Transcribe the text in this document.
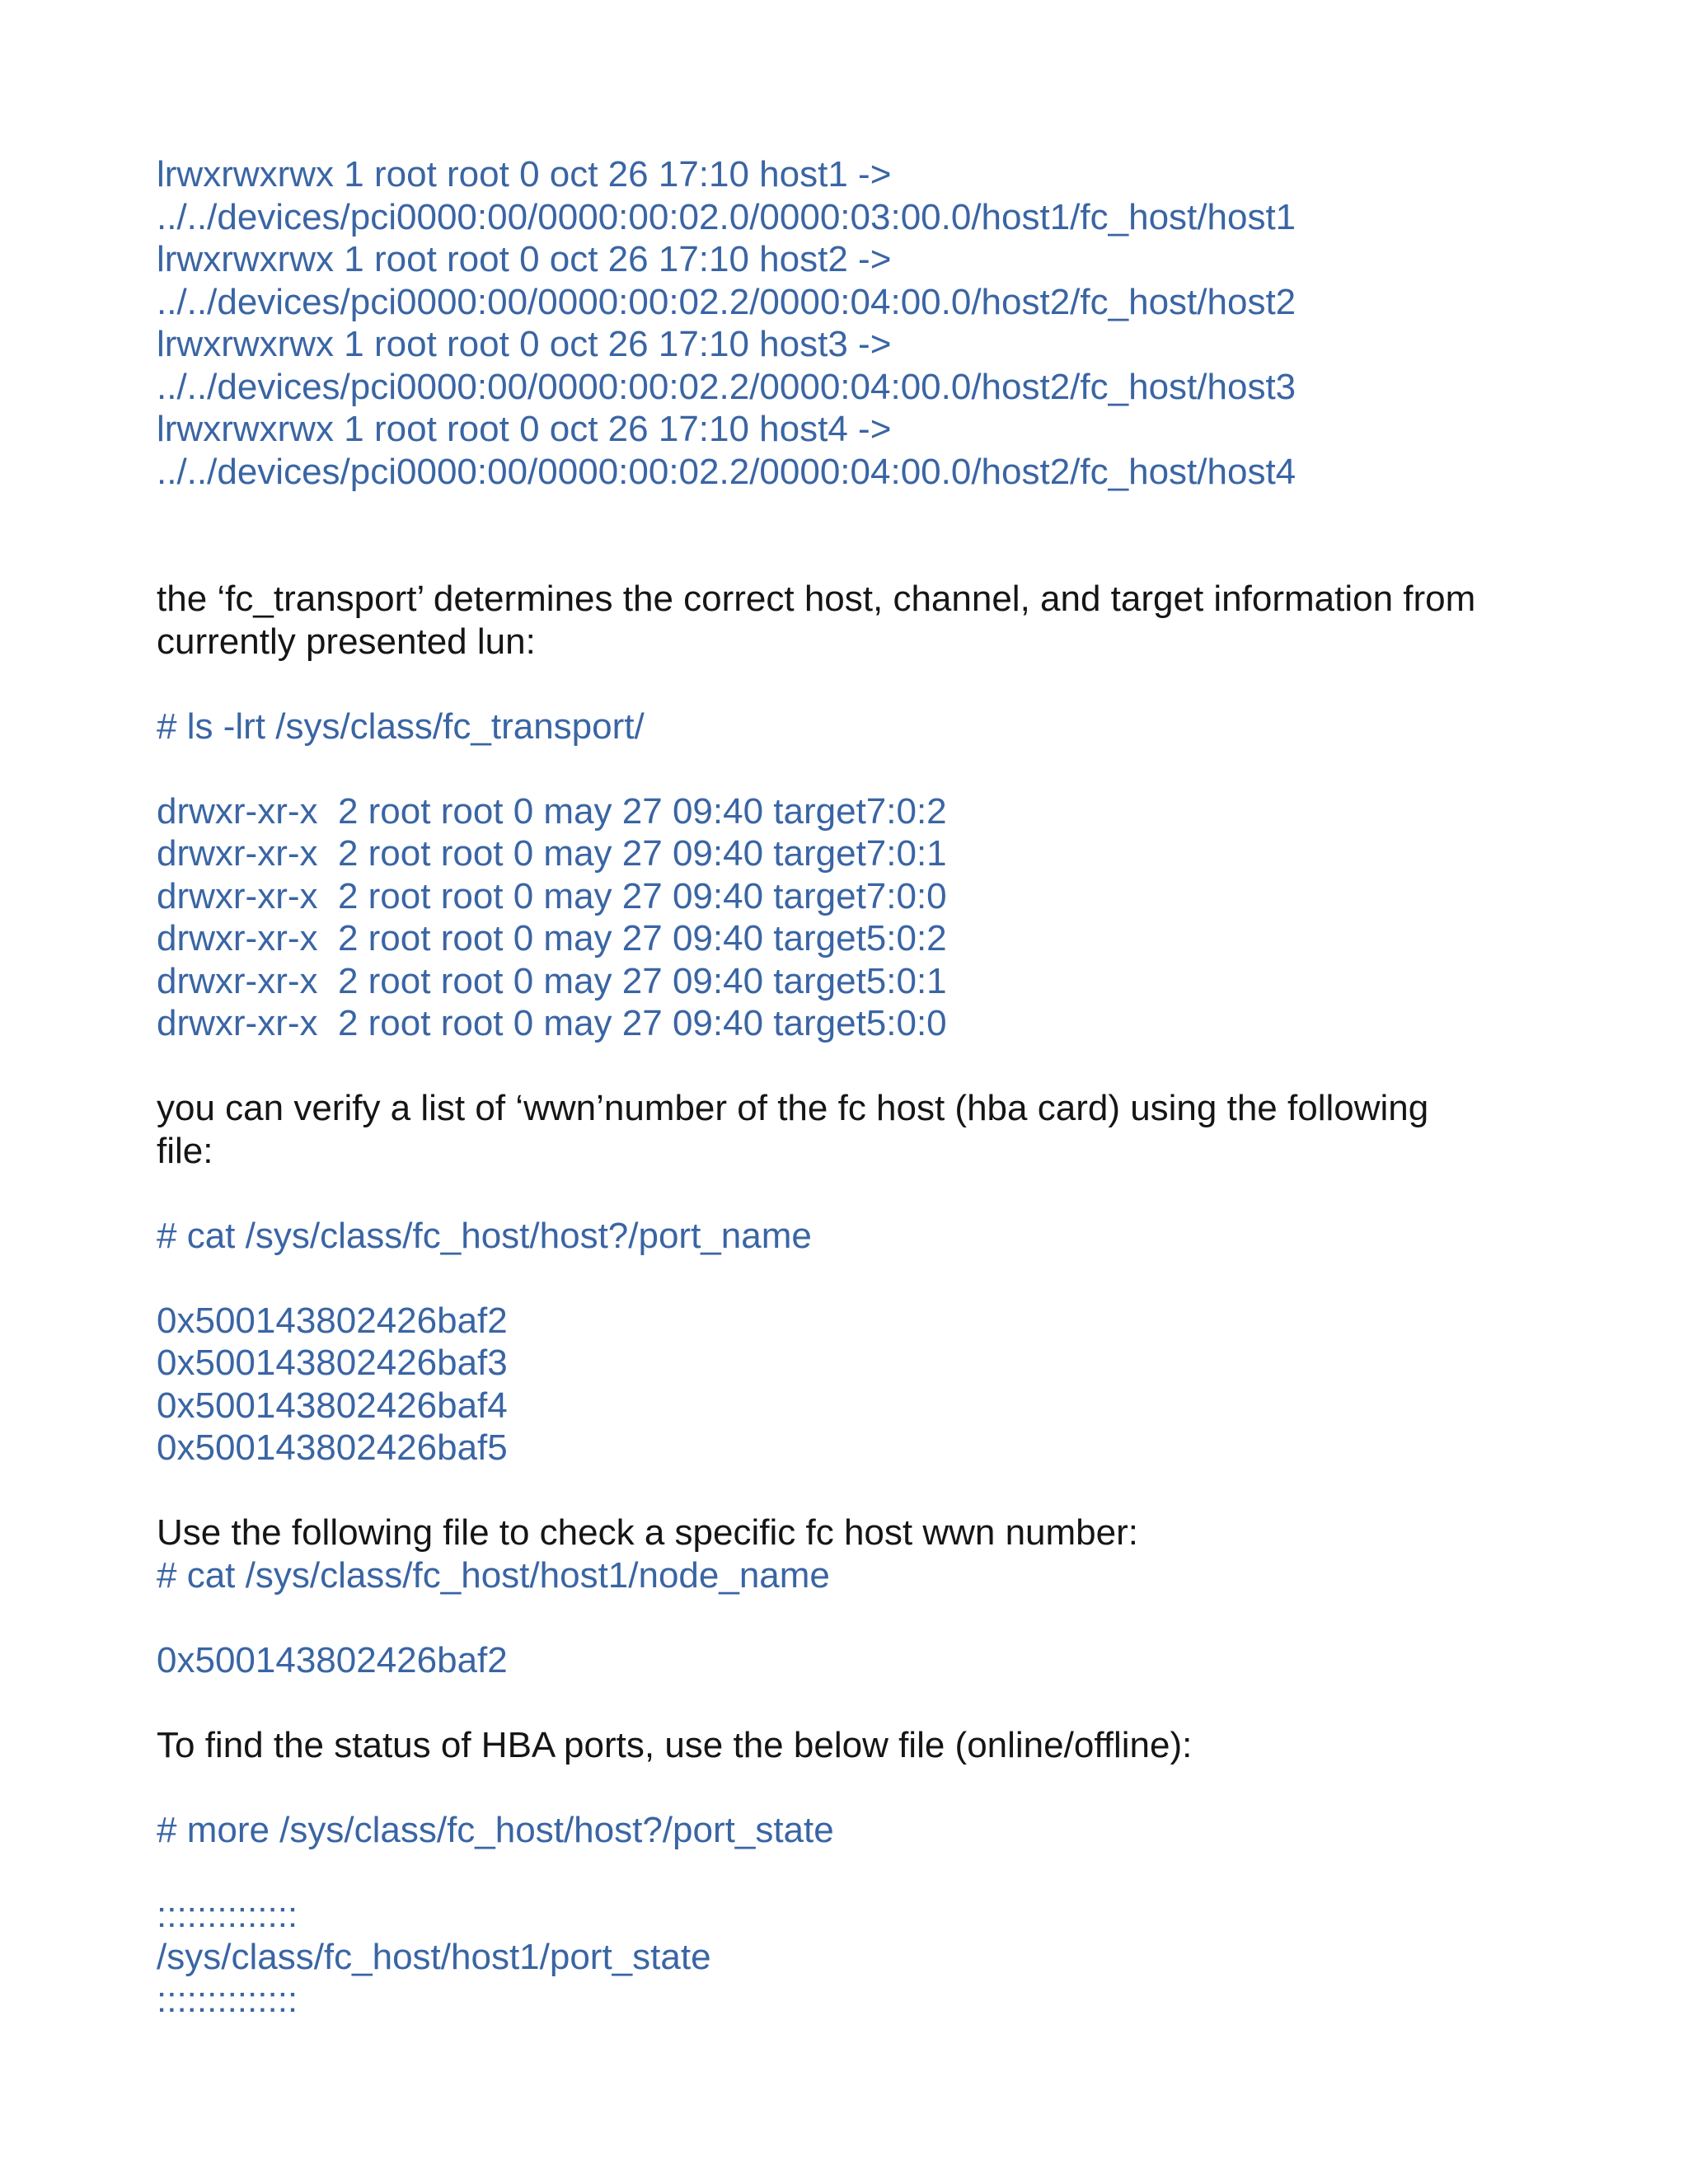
lrwxrwxrwx 1 root root 0 oct 26 17:10 host1 ->
../../devices/pci0000:00/0000:00:02.0/0000:03:00.0/host1/fc_host/host1
lrwxrwxrwx 1 root root 0 oct 26 17:10 host2 ->
../../devices/pci0000:00/0000:00:02.2/0000:04:00.0/host2/fc_host/host2
lrwxrwxrwx 1 root root 0 oct 26 17:10 host3 ->
../../devices/pci0000:00/0000:00:02.2/0000:04:00.0/host2/fc_host/host3
lrwxrwxrwx 1 root root 0 oct 26 17:10 host4 ->
../../devices/pci0000:00/0000:00:02.2/0000:04:00.0/host2/fc_host/host4
the ‘fc_transport’ determines the correct host, channel, and target information from
currently presented lun:
# ls -lrt /sys/class/fc_transport/
drwxr-xr-x  2 root root 0 may 27 09:40 target7:0:2
drwxr-xr-x  2 root root 0 may 27 09:40 target7:0:1
drwxr-xr-x  2 root root 0 may 27 09:40 target7:0:0
drwxr-xr-x  2 root root 0 may 27 09:40 target5:0:2
drwxr-xr-x  2 root root 0 may 27 09:40 target5:0:1
drwxr-xr-x  2 root root 0 may 27 09:40 target5:0:0
you can verify a list of ‘wwn’number of the fc host (hba card) using the following
file:
# cat /sys/class/fc_host/host?/port_name
0x500143802426baf2
0x500143802426baf3
0x500143802426baf4
0x500143802426baf5
Use the following file to check a specific fc host wwn number:
# cat /sys/class/fc_host/host1/node_name
0x500143802426baf2
To find the status of HBA ports, use the below file (online/offline):
# more /sys/class/fc_host/host?/port_state
::::::::::::::
/sys/class/fc_host/host1/port_state
::::::::::::::
